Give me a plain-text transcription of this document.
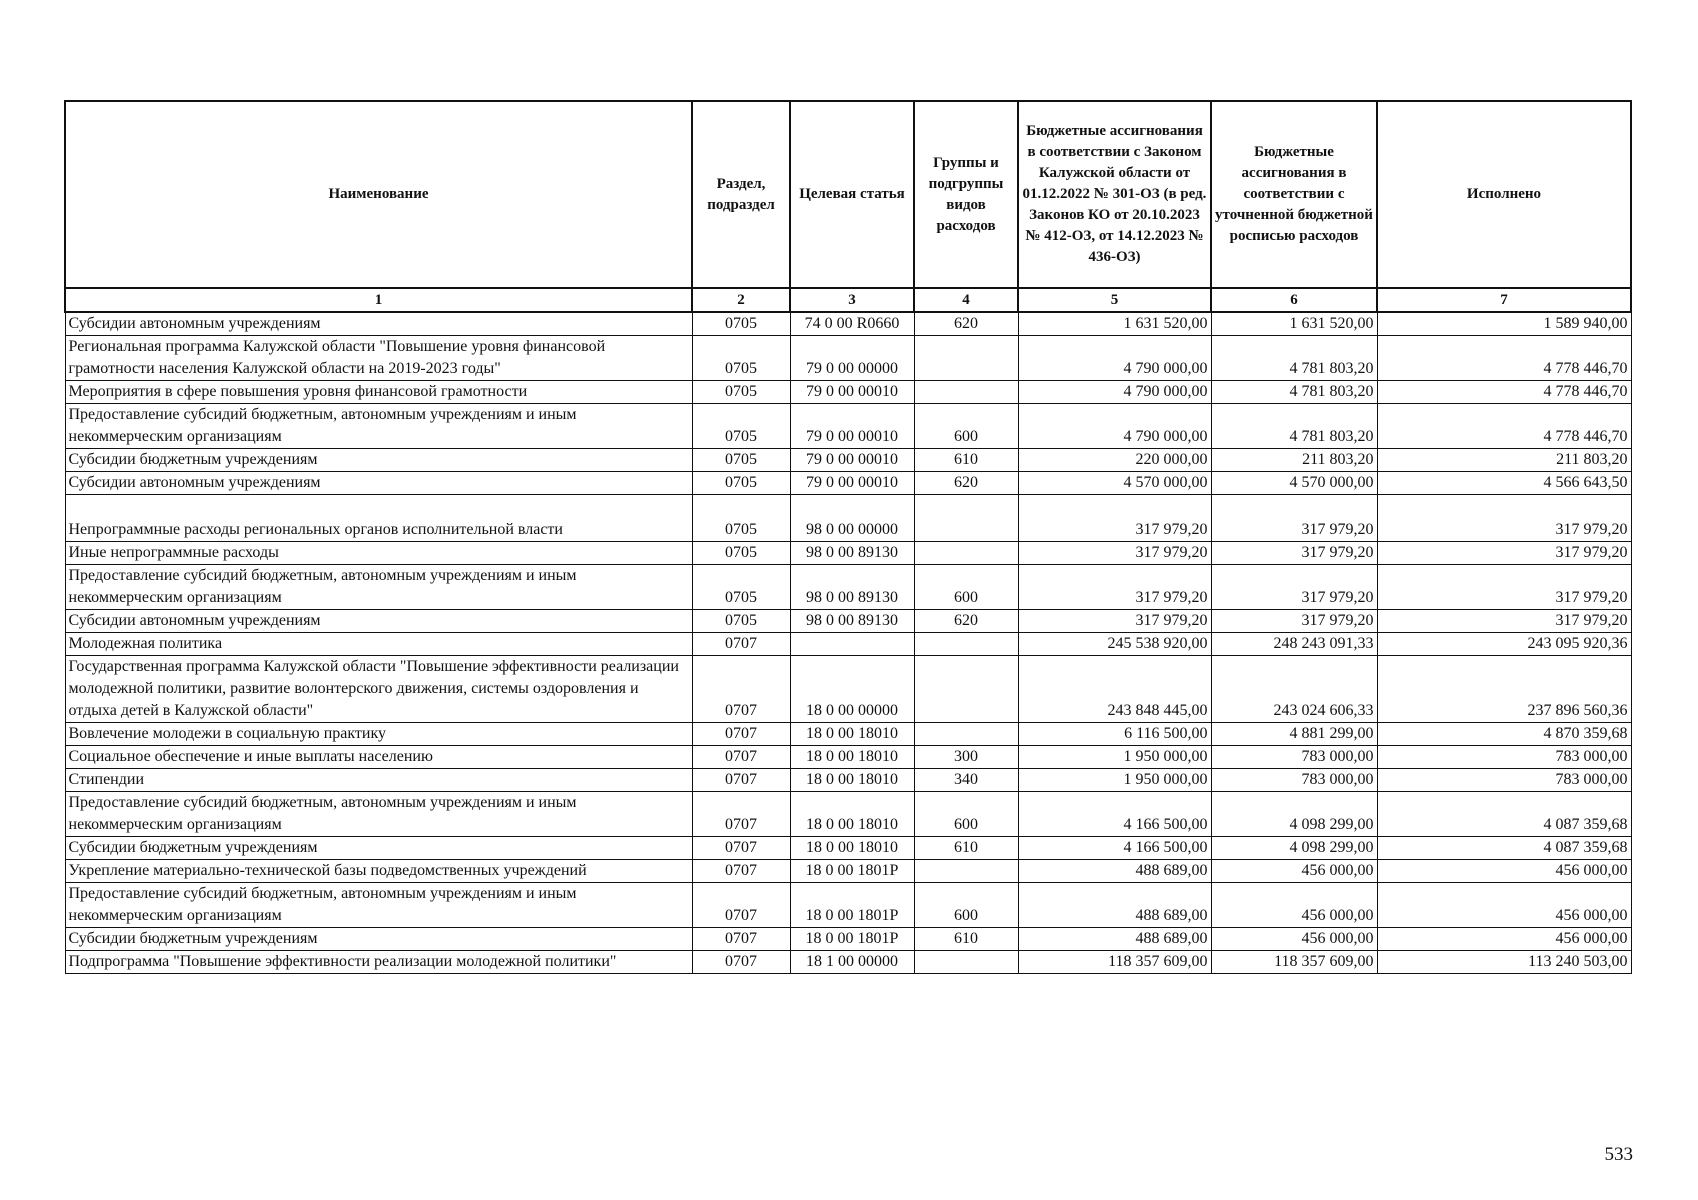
Наименование	Раздел, подраздел	Целевая статья	Группы и подгруппы видов расходов	Бюджетные ассигнования в соответствии с Законом Калужской области от 01.12.2022 № 301-ОЗ (в ред. Законов КО от 20.10.2023 № 412-ОЗ, от 14.12.2023 № 436-ОЗ)	Бюджетные ассигнования в соответствии с уточненной бюджетной росписью расходов	Исполнено
1	2	3	4	5	6	7
Субсидии автономным учреждениям	0705	74 0 00 R0660	620	1 631 520,00	1 631 520,00	1 589 940,00
Региональная программа Калужской области "Повышение уровня финансовой грамотности населения Калужской области на 2019-2023 годы"	0705	79 0 00 00000		4 790 000,00	4 781 803,20	4 778 446,70
Мероприятия в сфере повышения уровня финансовой грамотности	0705	79 0 00 00010		4 790 000,00	4 781 803,20	4 778 446,70
Предоставление субсидий бюджетным, автономным учреждениям и иным некоммерческим организациям	0705	79 0 00 00010	600	4 790 000,00	4 781 803,20	4 778 446,70
Субсидии бюджетным учреждениям	0705	79 0 00 00010	610	220 000,00	211 803,20	211 803,20
Субсидии автономным учреждениям	0705	79 0 00 00010	620	4 570 000,00	4 570 000,00	4 566 643,50
Непрограммные расходы региональных органов исполнительной власти	0705	98 0 00 00000		317 979,20	317 979,20	317 979,20
Иные непрограммные расходы	0705	98 0 00 89130		317 979,20	317 979,20	317 979,20
Предоставление субсидий бюджетным, автономным учреждениям и иным некоммерческим организациям	0705	98 0 00 89130	600	317 979,20	317 979,20	317 979,20
Субсидии автономным учреждениям	0705	98 0 00 89130	620	317 979,20	317 979,20	317 979,20
Молодежная политика	0707			245 538 920,00	248 243 091,33	243 095 920,36
Государственная программа Калужской области "Повышение эффективности реализации молодежной политики, развитие волонтерского движения, системы оздоровления и отдыха детей в Калужской области"	0707	18 0 00 00000		243 848 445,00	243 024 606,33	237 896 560,36
Вовлечение молодежи в социальную практику	0707	18 0 00 18010		6 116 500,00	4 881 299,00	4 870 359,68
Социальное обеспечение и иные выплаты населению	0707	18 0 00 18010	300	1 950 000,00	783 000,00	783 000,00
Стипендии	0707	18 0 00 18010	340	1 950 000,00	783 000,00	783 000,00
Предоставление субсидий бюджетным, автономным учреждениям и иным некоммерческим организациям	0707	18 0 00 18010	600	4 166 500,00	4 098 299,00	4 087 359,68
Субсидии бюджетным учреждениям	0707	18 0 00 18010	610	4 166 500,00	4 098 299,00	4 087 359,68
Укрепление материально-технической базы подведомственных учреждений	0707	18 0 00 1801Р		488 689,00	456 000,00	456 000,00
Предоставление субсидий бюджетным, автономным учреждениям и иным некоммерческим организациям	0707	18 0 00 1801Р	600	488 689,00	456 000,00	456 000,00
Субсидии бюджетным учреждениям	0707	18 0 00 1801Р	610	488 689,00	456 000,00	456 000,00
Подпрограмма "Повышение эффективности реализации молодежной политики"	0707	18 1 00 00000		118 357 609,00	118 357 609,00	113 240 503,00
533
